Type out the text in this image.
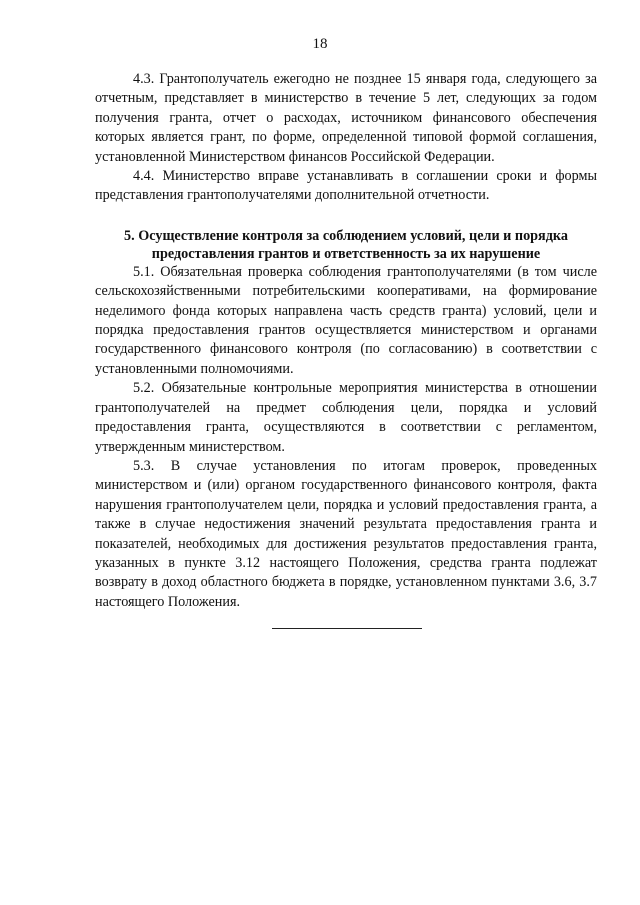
18

4.3. Грантополучатель ежегодно не позднее 15 января года, следующего за отчетным, представляет в министерство в течение 5 лет, следующих за годом получения гранта, отчет о расходах, источником финансового обеспечения которых является грант, по форме, определенной типовой формой соглашения, установленной Министерством финансов Российской Федерации.

4.4. Министерство вправе устанавливать в соглашении сроки и формы представления грантополучателями дополнительной отчетности.

5. Осуществление контроля за соблюдением условий, цели и порядка предоставления грантов и ответственность за их нарушение

5.1. Обязательная проверка соблюдения грантополучателями (в том числе сельскохозяйственными потребительскими кооперативами, на формирование неделимого фонда которых направлена часть средств гранта) условий, цели и порядка предоставления грантов осуществляется министерством и органами государственного финансового контроля (по согласованию) в соответствии с установленными полномочиями.

5.2. Обязательные контрольные мероприятия министерства в отношении грантополучателей на предмет соблюдения цели, порядка и условий предоставления гранта, осуществляются в соответствии с регламентом, утвержденным министерством.

5.3. В случае установления по итогам проверок, проведенных министерством и (или) органом государственного финансового контроля, факта нарушения грантополучателем цели, порядка и условий предоставления гранта, а также в случае недостижения значений результата предоставления гранта и показателей, необходимых для достижения результатов предоставления гранта, указанных в пункте 3.12 настоящего Положения, средства гранта подлежат возврату в доход областного бюджета в порядке, установленном пунктами 3.6, 3.7 настоящего Положения.
